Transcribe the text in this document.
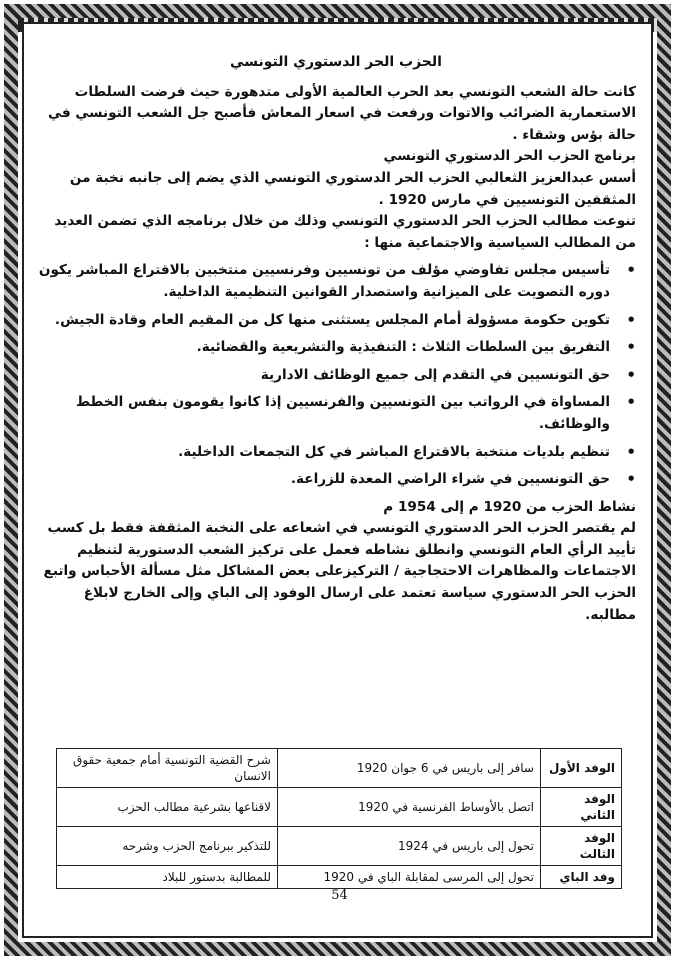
الحزب الحر الدستوري التونسي

كانت حالة الشعب التونسي بعد الحرب العالمية الأولى متدهورة حيث فرضت السلطات الاستعمارية الضرائب والاتوات ورفعت في اسعار المعاش فأصبح جل الشعب التونسي في حالة بؤس وشقاء .

برنامج الحزب الحر الدستوري التونسي

أسس عبدالعزيز الثعالبي الحزب الحر الدستوري التونسي الذي يضم إلى جانبه نخبة من المثقفين التونسيين في مارس 1920 .

تنوعت مطالب الحزب الحر الدستوري التونسي وذلك من خلال برنامجه الذي تضمن العديد من المطالب السياسية والاجتماعية منها :

• تأسيس مجلس تفاوضي مؤلف من تونسيين وفرنسيين منتخبين بالاقتراع المباشر يكون دوره التصويت على الميزانية واستصدار القوانين التنظيمية الداخلية.
• تكوين حكومة مسؤولة أمام المجلس يستثنى منها كل من المقيم العام وقادة الجيش.
• التفريق بين السلطات الثلاث : التنفيذية والتشريعية والقضائية.
• حق التونسيين في التقدم إلى جميع الوظائف الادارية
• المساواة في الرواتب بين التونسيين والفرنسيين إذا كانوا يقومون بنفس الخطط والوظائف.
• تنظيم بلديات منتخبة بالاقتراع المباشر في كل التجمعات الداخلية.
• حق التونسيين في شراء الراضي المعدة للزراعة.

نشاط الحزب من 1920 م إلى 1954 م

لم يقتصر الحزب الحر الدستوري التونسي في اشعاعه على النخبة المثقفة فقط بل كسب تأييد الرأي العام التونسي وانطلق نشاطه فعمل على تركيز الشعب الدستورية لتنظيم الاجتماعات والمظاهرات الاحتجاجية / التركيزعلى بعض المشاكل مثل مسألة الأحباس واتبع الحزب الحر الدستوري سياسة تعتمد على ارسال الوفود إلى الباي وإلى الخارج لابلاغ مطالبه.

الوفد الأول	سافر إلى باريس في 6 جوان 1920	شرح القضية التونسية أمام جمعية حقوق الانسان
الوفد الثاني	اتصل بالأوساط الفرنسية في 1920	لاقناعها بشرعية مطالب الحزب
الوفد الثالث	تحول إلى باريس في 1924	للتذكير ببرنامج الحزب وشرحه
وفد الباي	تحول إلى المرسى لمقابلة الباي في 1920	للمطالبة بدستور للبلاد
54
